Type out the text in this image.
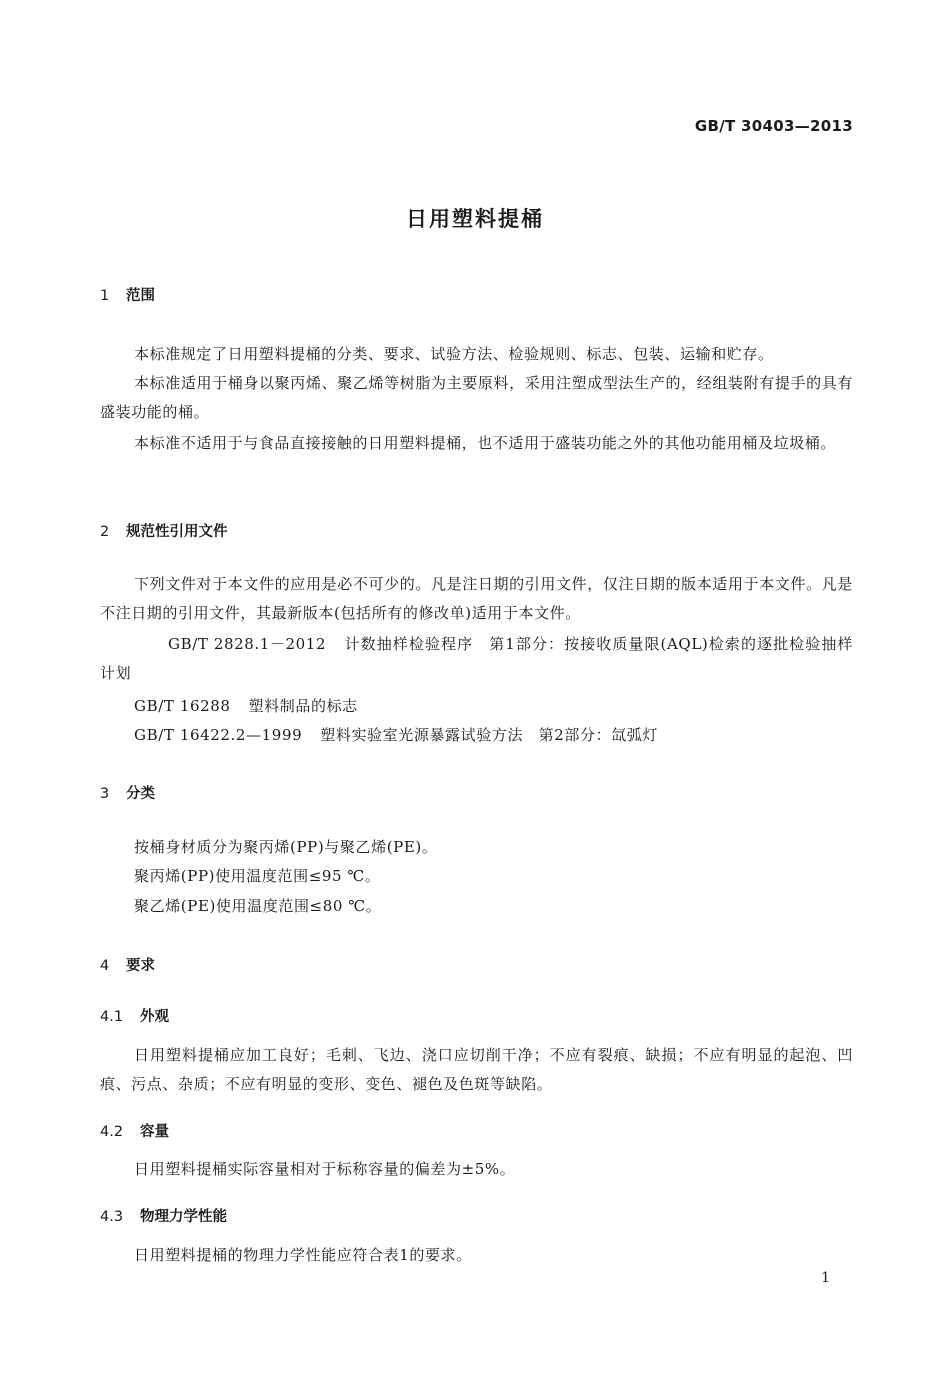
GB/T 30403—2013
日用塑料提桶
1 范围
本标准规定了日用塑料提桶的分类、要求、试验方法、检验规则、标志、包装、运输和贮存。
本标准适用于桶身以聚丙烯、聚乙烯等树脂为主要原料，采用注塑成型法生产的，经组装附有提手的具有盛装功能的桶。
本标准不适用于与食品直接接触的日用塑料提桶，也不适用于盛装功能之外的其他功能用桶及垃圾桶。
2 规范性引用文件
下列文件对于本文件的应用是必不可少的。凡是注日期的引用文件，仅注日期的版本适用于本文件。凡是不注日期的引用文件，其最新版本(包括所有的修改单)适用于本文件。
GB/T 2828.1－2012 计数抽样检验程序　第1部分：按接收质量限(AQL)检索的逐批检验抽样计划
GB/T 16288 塑料制品的标志
GB/T 16422.2—1999 塑料实验室光源暴露试验方法　第2部分：氙弧灯
3 分类
按桶身材质分为聚丙烯(PP)与聚乙烯(PE)。
聚丙烯(PP)使用温度范围≤95 ℃。
聚乙烯(PE)使用温度范围≤80 ℃。
4 要求
4.1 外观
日用塑料提桶应加工良好；毛刺、飞边、浇口应切削干净；不应有裂痕、缺损；不应有明显的起泡、凹痕、污点、杂质；不应有明显的变形、变色、褪色及色斑等缺陷。
4.2 容量
日用塑料提桶实际容量相对于标称容量的偏差为±5%。
4.3 物理力学性能
日用塑料提桶的物理力学性能应符合表1的要求。
1
